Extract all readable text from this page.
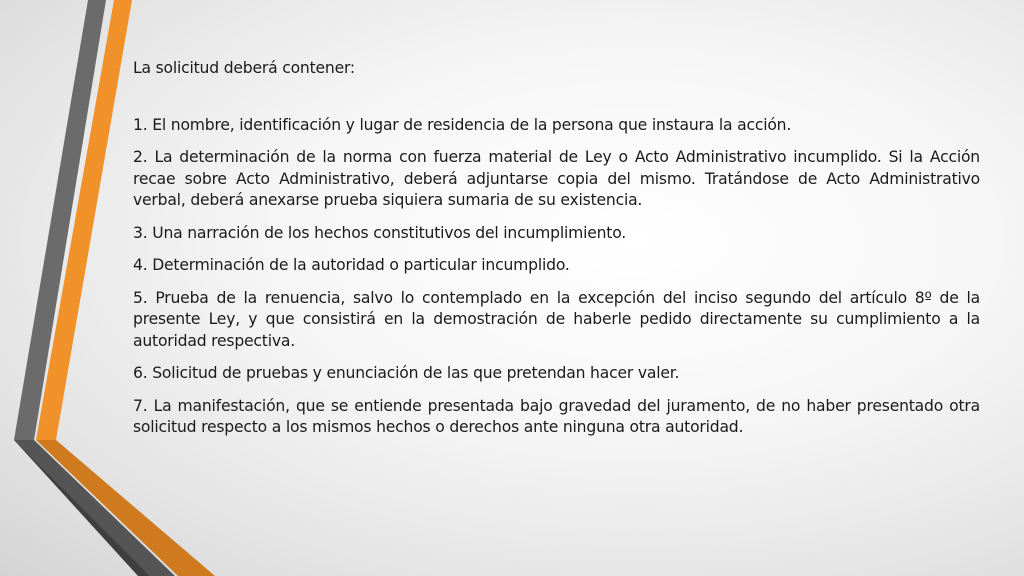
La solicitud deberá contener:

1. El nombre, identificación y lugar de residencia de la persona que instaura la acción.

2. La determinación de la norma con fuerza material de Ley o Acto Administrativo incumplido. Si la Acción recae sobre Acto Administrativo, deberá adjuntarse copia del mismo. Tratándose de Acto Administrativo verbal, deberá anexarse prueba siquiera sumaria de su existencia.

3. Una narración de los hechos constitutivos del incumplimiento.

4. Determinación de la autoridad o particular incumplido.

5. Prueba de la renuencia, salvo lo contemplado en la excepción del inciso segundo del artículo 8º de la presente Ley, y que consistirá en la demostración de haberle pedido directamente su cumplimiento a la autoridad respectiva.

6. Solicitud de pruebas y enunciación de las que pretendan hacer valer.

7. La manifestación, que se entiende presentada bajo gravedad del juramento, de no haber presentado otra solicitud respecto a los mismos hechos o derechos ante ninguna otra autoridad.
